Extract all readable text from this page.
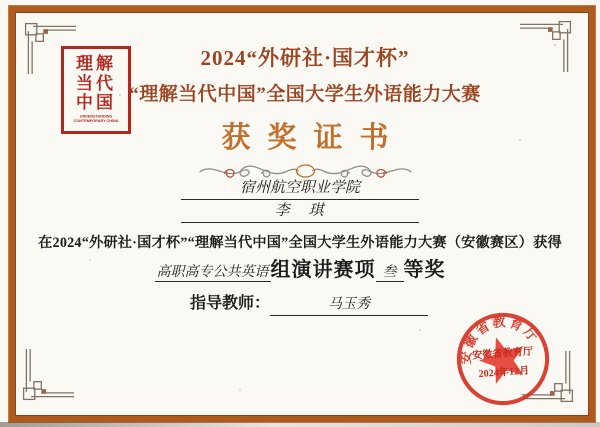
理解
当代
中国
UNDERSTANDING CONTEMPORARY CHINA
2024“外研社·国才杯”
“理解当代中国”全国大学生外语能力大赛
获奖证书
宿州航空职业学院
李　琪
在2024“外研社·国才杯”“理解当代中国”全国大学生外语能力大赛（安徽赛区）获得
高职高专公共英语 组演讲赛项 叁 等奖
指导教师：	马玉秀
安徽省教育厅
安徽省教育厅
2024年12月
